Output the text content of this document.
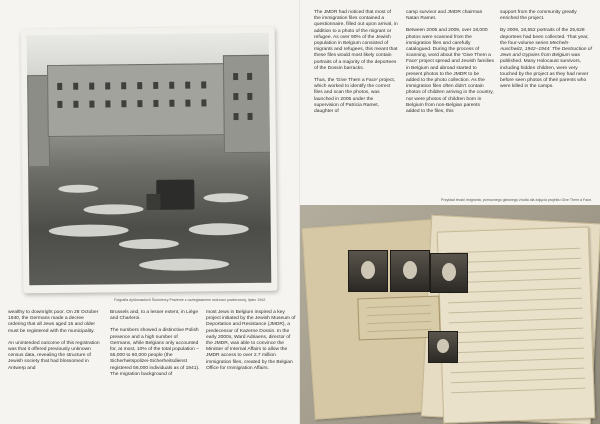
Fotgrafia dyšlomackich Ŝolúnierzy Praženie z oszlegiwaniem wolnosci powierzonej, lipiec 1942.

wealthy to downright poor. On 28 October 1940, the Germans made a decree ordering that all Jews aged 15 and older must be registered with the municipality.

An unintended outcome of this registration was that it offered previously unknown census data, revealing the structure of Jewish society that had blossomed in Antwerp and

Brussels and, to a lesser extent, in Liège and Charleroi.

The numbers showed a distinctive Polish presence and a high number of Germans, while Belgians only accounted for, at most, 10% of the total population – 55,000 to 60,000 people (the Sicherheitspolizei-Sicherheitsdienst registered 56,000 individuals as of 1941). The migration background of

most Jews in Belgium inspired a key project initiated by the Jewish Museum of Deportation and Resistance (JMDR), a predecessor of Kazerne Dossin. In the early 2000s, Ward Adriaens, director of the JMDR, was able to convince the Minister of Internal Affairs to allow the JMDR access to over 2.7 million immigration files, created by the Belgian Office for Immigration Affairs.

The JMDR had noticed that most of the immigration files contained a questionnaire, filled out upon arrival, in addition to a photo of the migrant or refugee. As over 90% of the Jewish population in Belgium consisted of migrants and refugees, this meant that these files would most likely contain portraits of a majority of the deportees of the Dossin barracks.

Thus, the 'Give Them a Face' project, which worked to identify the correct files and scan the photos, was launched in 2005 under the supervision of Patricia Ramet, daughter of

camp survivor and JMDR chairman Natan Ramet.

Between 2005 and 2009, over 18,000 photos were scanned from the immigration files and carefully catalogued. During the process of scanning, word about the 'Give Them a Face' project spread and Jewish families in Belgium and abroad started to present photos to the JMDR to be added to the photo collection. As the immigration files often didn't contain photos of children arriving in the country, nor were photos of children born in Belgium from non-Belgian parents added to the files, this

support from the community greatly enriched the project.

By 2009, 18,552 portraits of the 25,628 deportees had been collected. That year, the four-volume series Mecheln-Auschwitz, 1942–1944: The Destruction of Jews and Gypsies from Belgium was published. Many Holocaust survivors, including hidden children, were very touched by the project as they had never before seen photos of their parents who were killed in the camps.

Przykład teczki imigranta, pomocnego głównego źródła dla zdjęcia projektu Give Them a Face.
